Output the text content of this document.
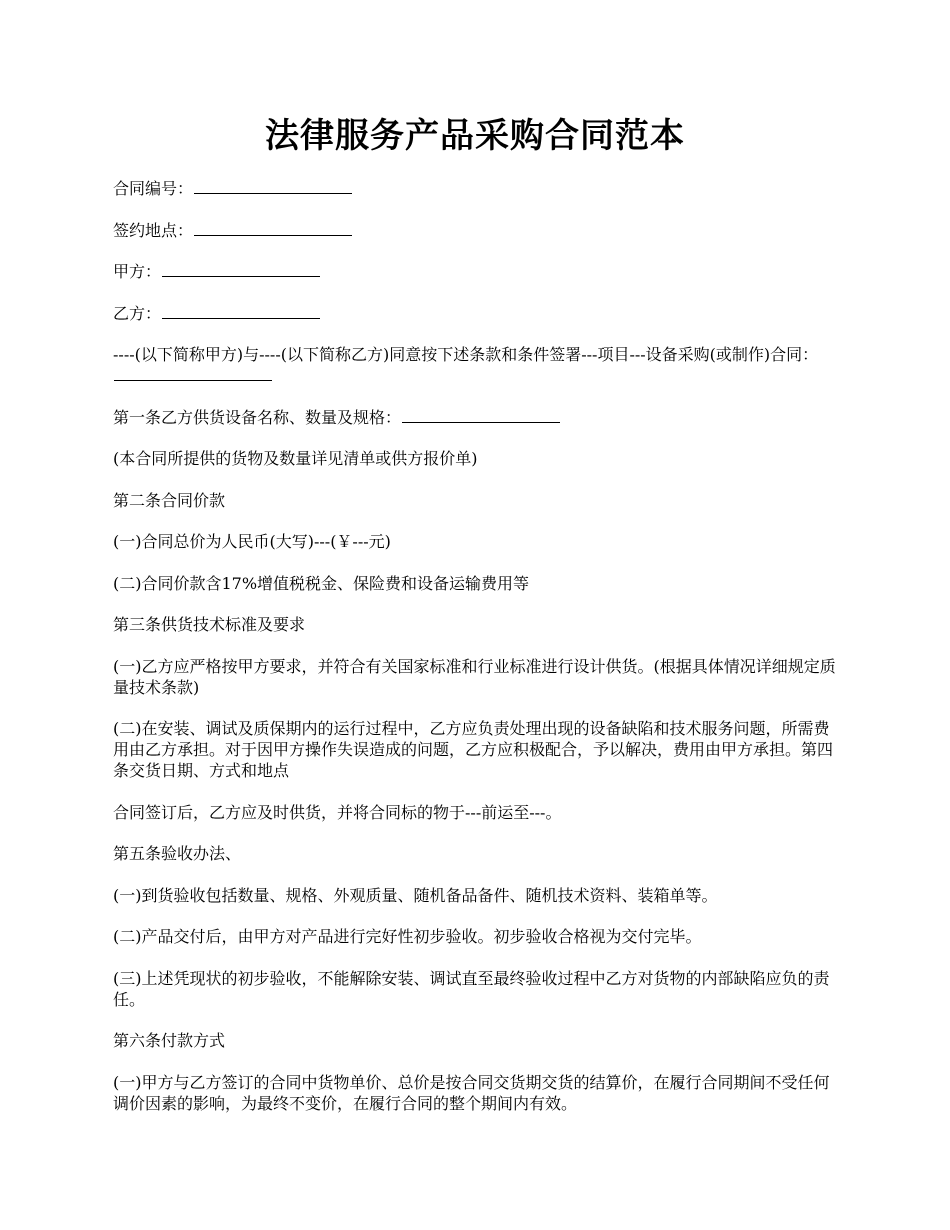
法律服务产品采购合同范本

合同编号：

签约地点：

甲方：

乙方：

----(以下简称甲方)与----(以下简称乙方)同意按下述条款和条件签署---项目---设备采购(或制作)合同：

第一条乙方供货设备名称、数量及规格：

(本合同所提供的货物及数量详见清单或供方报价单)

第二条合同价款

(一)合同总价为人民币(大写)---(￥---元)

(二)合同价款含17%增值税税金、保险费和设备运输费用等

第三条供货技术标准及要求

(一)乙方应严格按甲方要求，并符合有关国家标准和行业标准进行设计供货。(根据具体情况详细规定质量技术条款)

(二)在安装、调试及质保期内的运行过程中，乙方应负责处理出现的设备缺陷和技术服务问题，所需费用由乙方承担。对于因甲方操作失误造成的问题，乙方应积极配合，予以解决，费用由甲方承担。第四条交货日期、方式和地点

合同签订后，乙方应及时供货，并将合同标的物于---前运至---。

第五条验收办法、

(一)到货验收包括数量、规格、外观质量、随机备品备件、随机技术资料、装箱单等。

(二)产品交付后，由甲方对产品进行完好性初步验收。初步验收合格视为交付完毕。

(三)上述凭现状的初步验收，不能解除安装、调试直至最终验收过程中乙方对货物的内部缺陷应负的责任。

第六条付款方式

(一)甲方与乙方签订的合同中货物单价、总价是按合同交货期交货的结算价，在履行合同期间不受任何调价因素的影响，为最终不变价，在履行合同的整个期间内有效。
